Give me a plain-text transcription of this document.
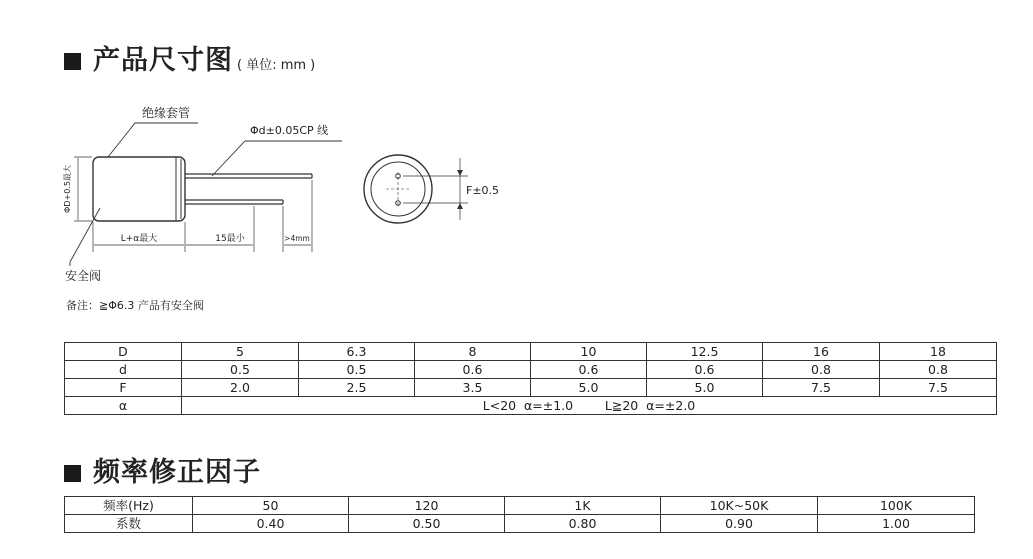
产品尺寸图 ( 单位: mm )
绝缘套管
Φd±0.05CP 线
ΦD+0.5最大
L+α最大	15最小	>4mm
安全阀
F±0.5
备注：≧Φ6.3 产品有安全阀
D	5	6.3	8	10	12.5	16	18
d	0.5	0.5	0.6	0.6	0.6	0.8	0.8
F	2.0	2.5	3.5	5.0	5.0	7.5	7.5
α	L<20  α=±1.0        L≧20  α=±2.0						
频率修正因子
频率(Hz)	50	120	1K	10K~50K	100K
系数	0.40	0.50	0.80	0.90	1.00
